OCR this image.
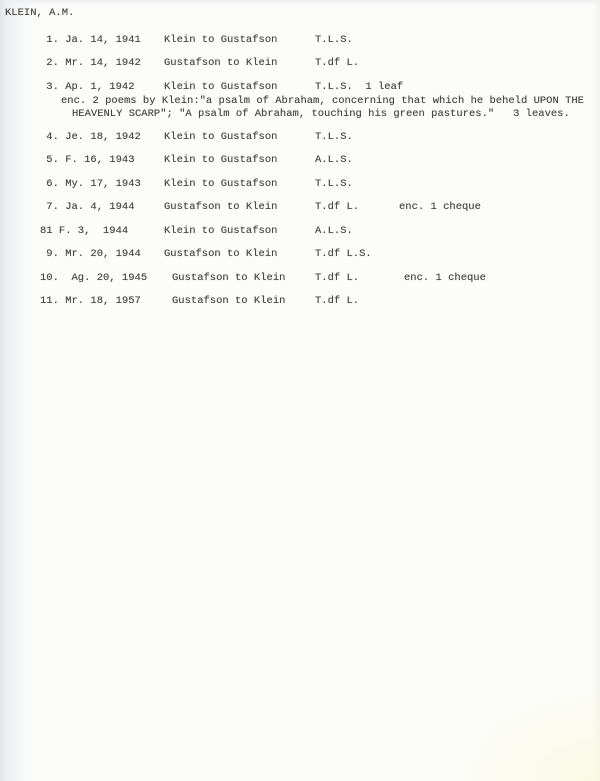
KLEIN, A.M.
1. Ja. 14, 1941 Klein to Gustafson	T.L.S.
2. Mr. 14, 1942 Gustafson to Klein	T.df L.
3. Ap. 1, 1942	Klein to Gustafson	T.L.S.  1 leaf
enc. 2 poems by Klein:"a psalm of Abraham, concerning that which he beheld UPON THE
HEAVENLY SCARP"; "A psalm of Abraham, touching his green pastures."   3 leaves.
4. Je. 18, 1942 Klein to Gustafson	T.L.S.
5. F. 16, 1943	Klein to Gustafson	A.L.S.
6. My. 17, 1943 Klein to Gustafson	T.L.S.
7. Ja. 4, 1944	Gustafson to Klein	T.df L.	enc. 1 cheque
81 F. 3,  1944	Klein to Gustafson	A.L.S.
9. Mr. 20, 1944 Gustafson to Klein	T.df L.S.
10.  Ag. 20, 1945 Gustafson to Klein	T.df L.	enc. 1 cheque
11. Mr. 18, 1957	Gustafson to Klein	T.df L.
